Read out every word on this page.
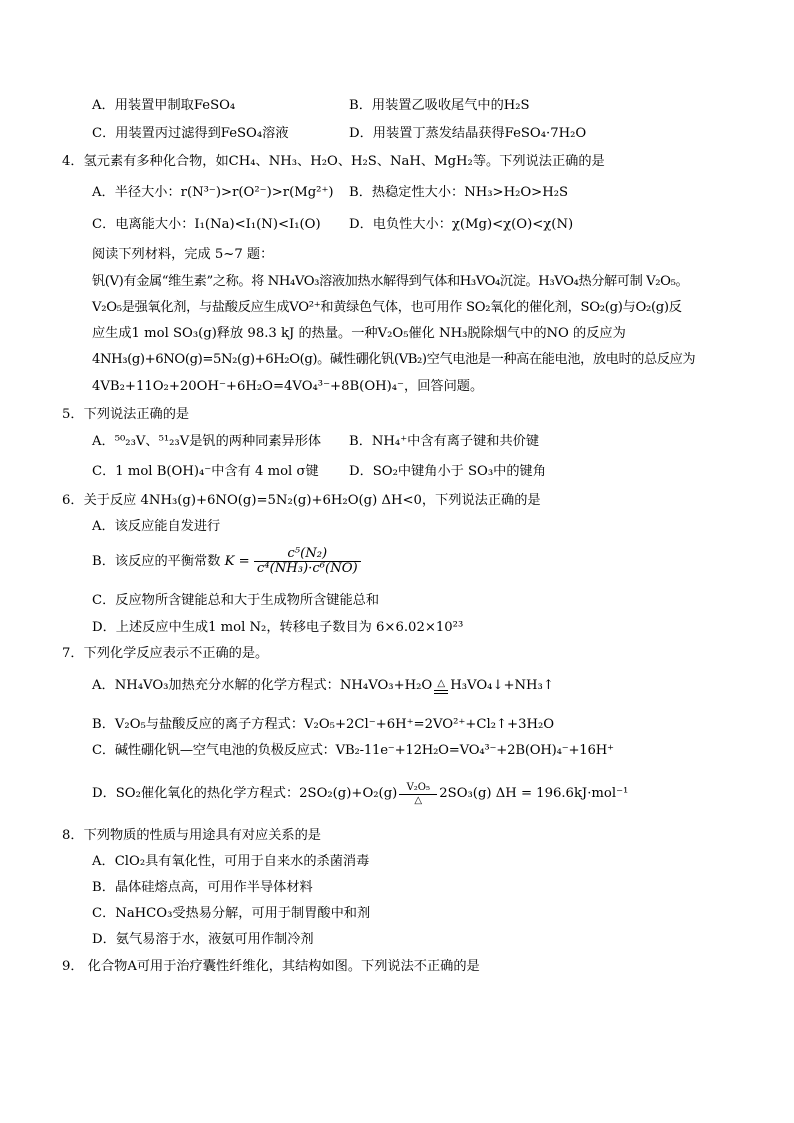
A．用装置甲制取FeSO₄	B．用装置乙吸收尾气中的H₂S
C．用装置丙过滤得到FeSO₄溶液	D．用装置丁蒸发结晶获得FeSO₄·7H₂O
4．氢元素有多种化合物，如CH₄、NH₃、H₂O、H₂S、NaH、MgH₂等。下列说法正确的是
A．半径大小：r(N³⁻)>r(O²⁻)>r(Mg²⁺) B．热稳定性大小：NH₃>H₂O>H₂S
C．电离能大小：I₁(Na)<I₁(N)<I₁(O) D．电负性大小：χ(Mg)<χ(O)<χ(N)
阅读下列材料，完成 5~7 题：
钒(V)有金属“维生素”之称。将 NH₄VO₃溶液加热水解得到气体和H₃VO₄沉淀。H₃VO₄热分解可制 V₂O₅。
V₂O₅是强氧化剂，与盐酸反应生成VO²⁺和黄绿色气体，也可用作 SO₂氧化的催化剂，SO₂(g)与O₂(g)反
应生成1 mol SO₃(g)释放 98.3 kJ 的热量。一种V₂O₅催化 NH₃脱除烟气中的NO 的反应为
4NH₃(g)+6NO(g)=5N₂(g)+6H₂O(g)。碱性硼化钒(VB₂)空气电池是一种高在能电池，放电时的总反应为
4VB₂+11O₂+20OH⁻+6H₂O=4VO₄³⁻+8B(OH)₄⁻，回答问题。
5．下列说法正确的是
A．⁵⁰₂₃V、⁵¹₂₃V是钒的两种同素异形体 B．NH₄⁺中含有离子键和共价键
C．1 mol B(OH)₄⁻中含有 4 mol σ键 D．SO₂中键角小于 SO₃中的键角
6．关于反应 4NH₃(g)+6NO(g)=5N₂(g)+6H₂O(g) ΔH<0，下列说法正确的是
A．该反应能自发进行
B．该反应的平衡常数 $K = \frac{\text{c⁵(N₂)}}{\text{c⁴(NH₃)·c⁶(NO)}}$
C．反应物所含键能总和大于生成物所含键能总和
D．上述反应中生成1 mol N₂，转移电子数目为 6×6.02×10²³
7．下列化学反应表示不正确的是。
A．NH₄VO₃加热充分水解的化学方程式：NH₄VO₃+H₂O △ H₃VO₄↓+NH₃↑
B．V₂O₅与盐酸反应的离子方程式：V₂O₅+2Cl⁻+6H⁺=2VO²⁺+Cl₂↑+3H₂O
C．碱性硼化钒—空气电池的负极反应式：VB₂-11e⁻+12H₂O=VO₄³⁻+2B(OH)₄⁻+16H⁺
D．SO₂催化氧化的热化学方程式：2SO₂(g)+O₂(g) V₂O₅
△	2SO₃(g) ΔH = 196.6kJ·mol⁻¹
8．下列物质的性质与用途具有对应关系的是
A．ClO₂具有氧化性，可用于自来水的杀菌消毒
B．晶体硅熔点高，可用作半导体材料
C．NaHCO₃受热易分解，可用于制胃酸中和剂
D．氨气易溶于水，液氨可用作制冷剂
9． 化合物A可用于治疗囊性纤维化，其结构如图。下列说法不正确的是
